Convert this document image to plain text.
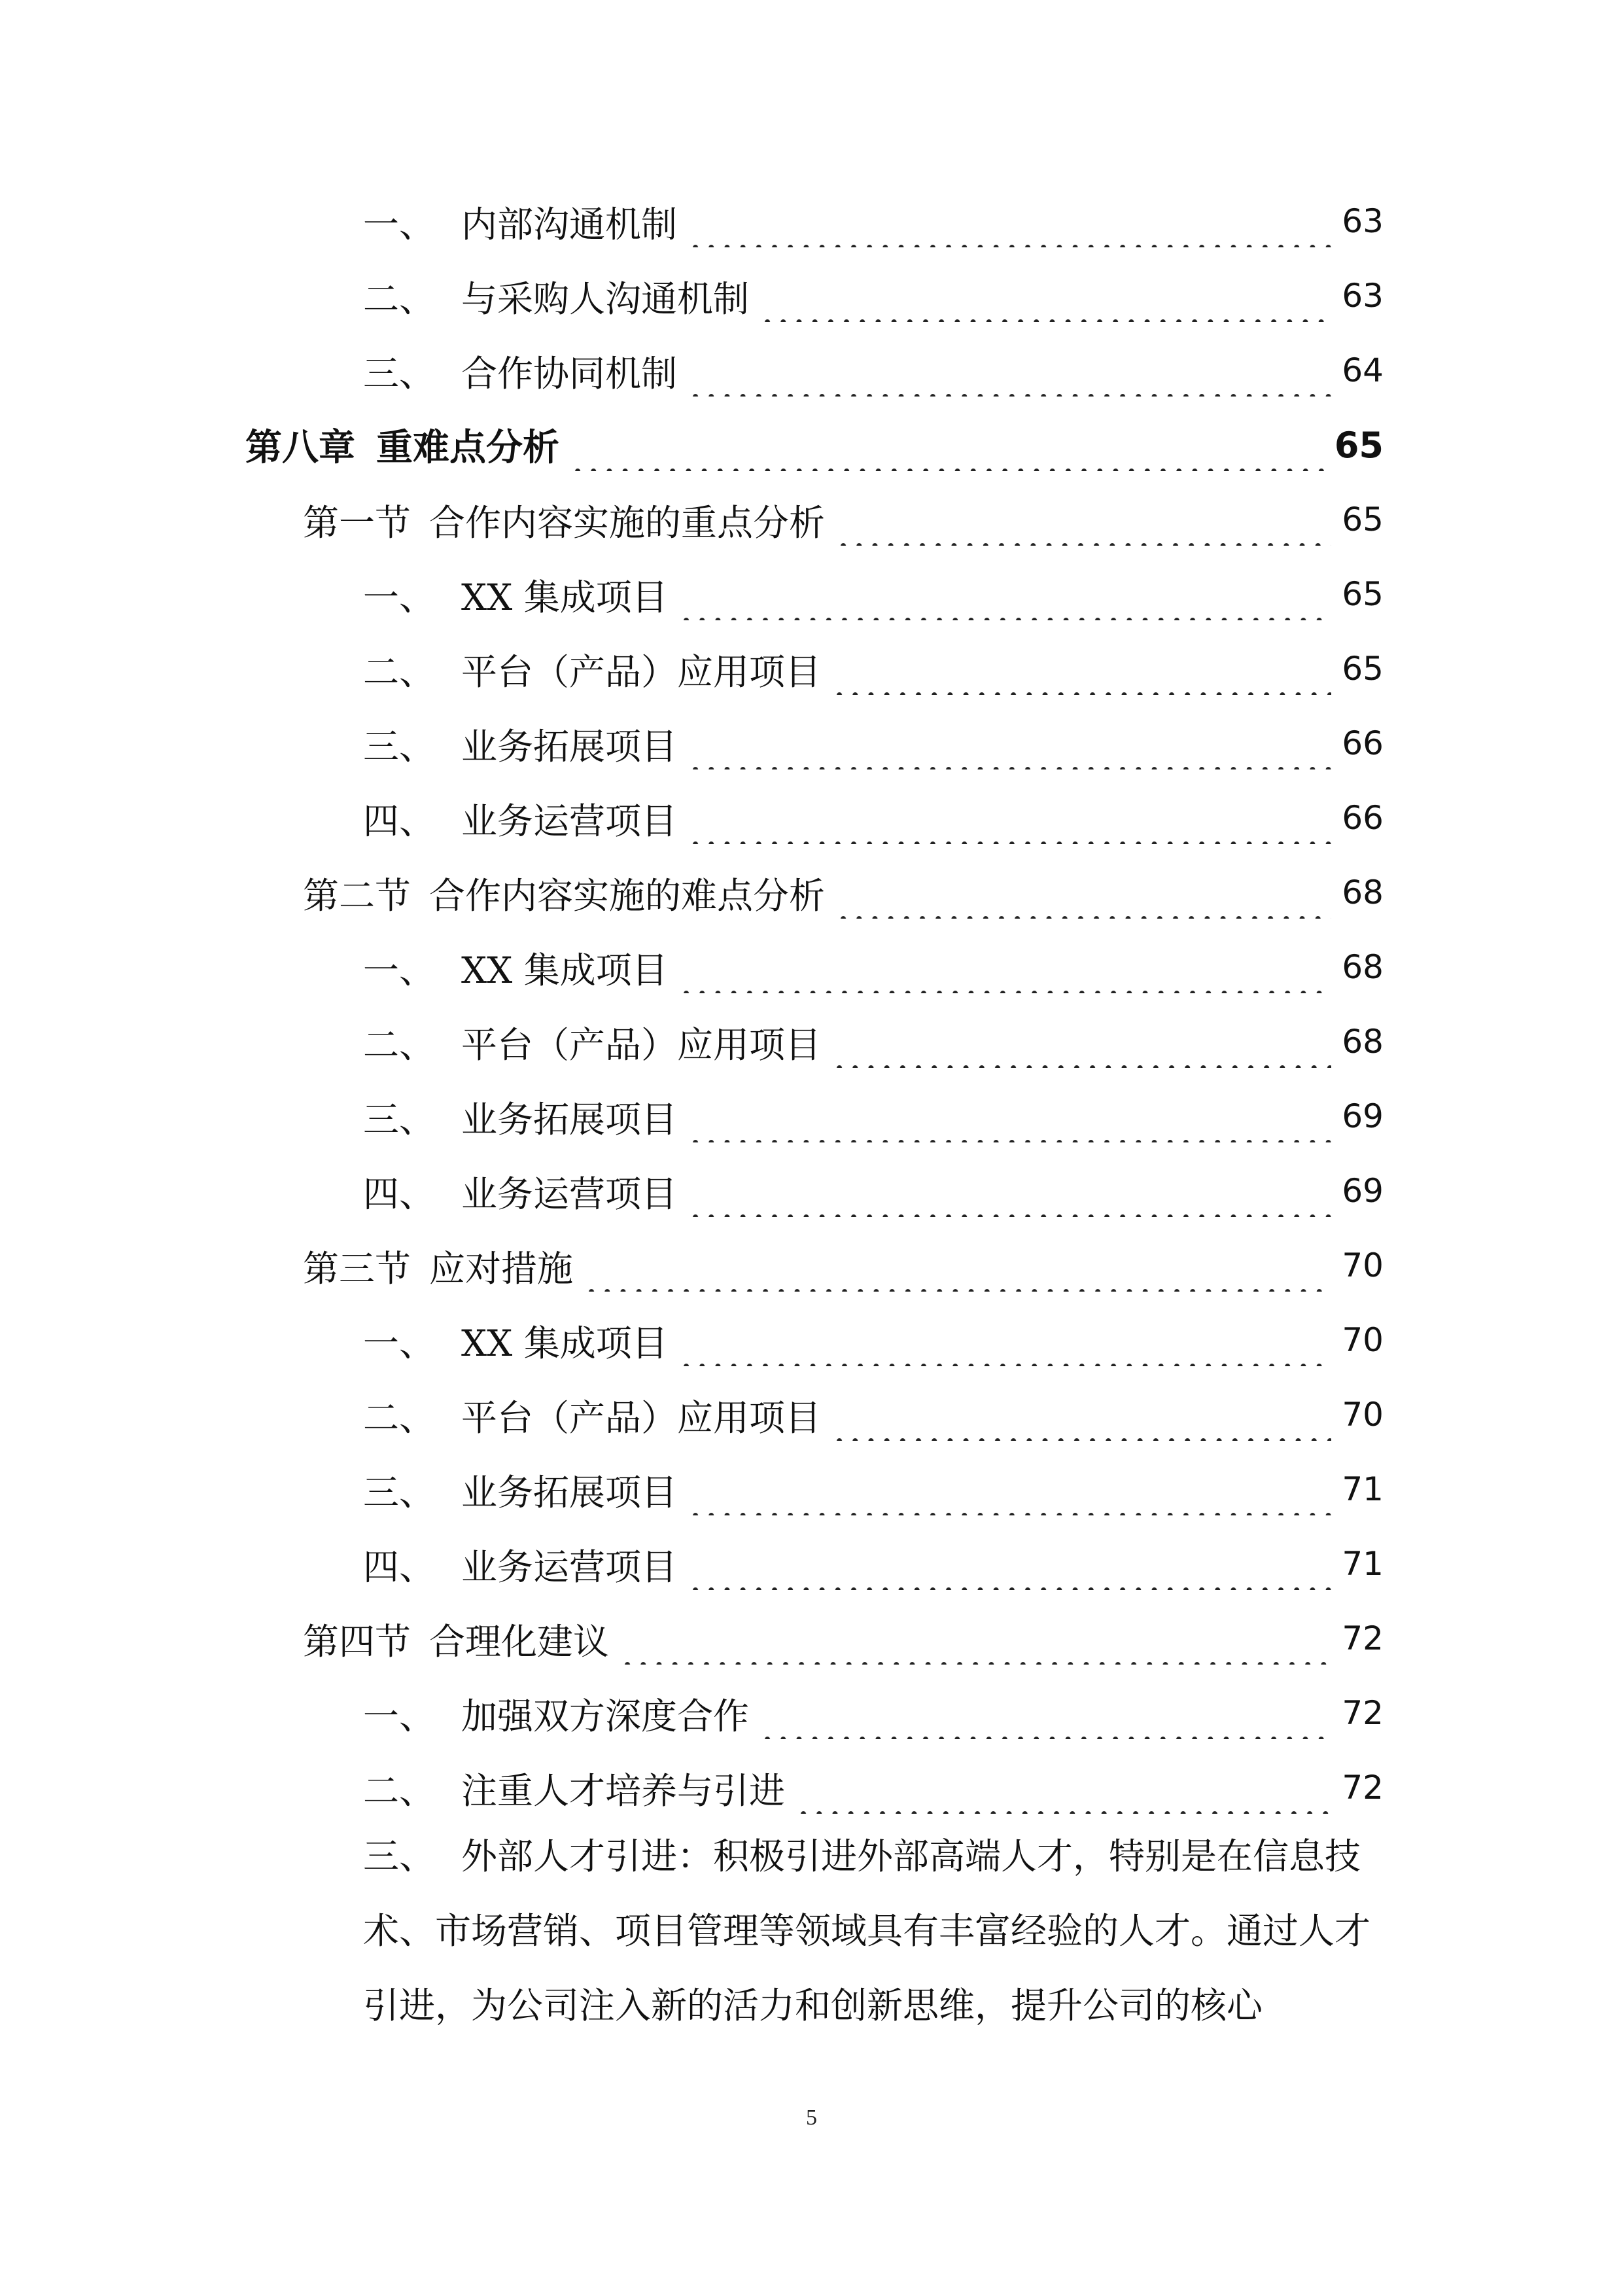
一、 内部沟通机制	63
二、 与采购人沟通机制	63
三、 合作协同机制	64
第八章 重难点分析	65
第一节 合作内容实施的重点分析	65
一、 XX 集成项目	65
二、 平台（产品）应用项目	65
三、 业务拓展项目	66
四、 业务运营项目	66
第二节 合作内容实施的难点分析	68
一、 XX 集成项目	68
二、 平台（产品）应用项目	68
三、 业务拓展项目	69
四、 业务运营项目	69
第三节 应对措施	70
一、 XX 集成项目	70
二、 平台（产品）应用项目	70
三、 业务拓展项目	71
四、 业务运营项目	71
第四节 合理化建议	72
一、 加强双方深度合作	72
二、 注重人才培养与引进	72
三、 外部人才引进：积极引进外部高端人才，特别是在信息技术、市场营销、项目管理等领域具有丰富经验的人才。通过人才引进，为公司注入新的活力和创新思维，提升公司的核心
5
